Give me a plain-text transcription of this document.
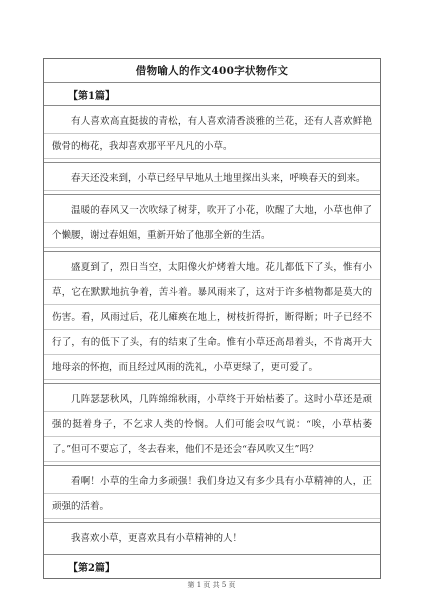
借物喻人的作文400字状物作文
【第1篇】
有人喜欢高直挺拔的青松，有人喜欢清香淡雅的兰花，还有人喜欢鲜艳傲骨的梅花，我却喜欢那平平凡凡的小草。
春天还没来到，小草已经早早地从土地里探出头来，呼唤春天的到来。
温暖的春风又一次吹绿了树芽，吹开了小花，吹醒了大地，小草也伸了个懒腰，谢过春姐姐，重新开始了他那全新的生活。
盛夏到了，烈日当空，太阳像火炉烤着大地。花儿都低下了头，惟有小草，它在默默地抗争着，苦斗着。暴风雨来了，这对于许多植物都是莫大的伤害。看，风雨过后，花儿瘫痪在地上，树枝折得折，断得断；叶子已经不行了，有的低下了头，有的结束了生命。惟有小草还高昂着头，不肯离开大地母亲的怀抱，而且经过风雨的洗礼，小草更绿了，更可爱了。
几阵瑟瑟秋风，几阵绵绵秋雨，小草终于开始枯萎了。这时小草还是顽强的挺着身子，不乞求人类的怜悯。人们可能会叹气说：“唉，小草枯萎了。”但可不要忘了，冬去春来，他们不是还会“春风吹又生”吗？
看啊！小草的生命力多顽强！我们身边又有多少具有小草精神的人，正顽强的活着。
我喜欢小草，更喜欢具有小草精神的人！
【第2篇】
第 1 页 共 5 页
